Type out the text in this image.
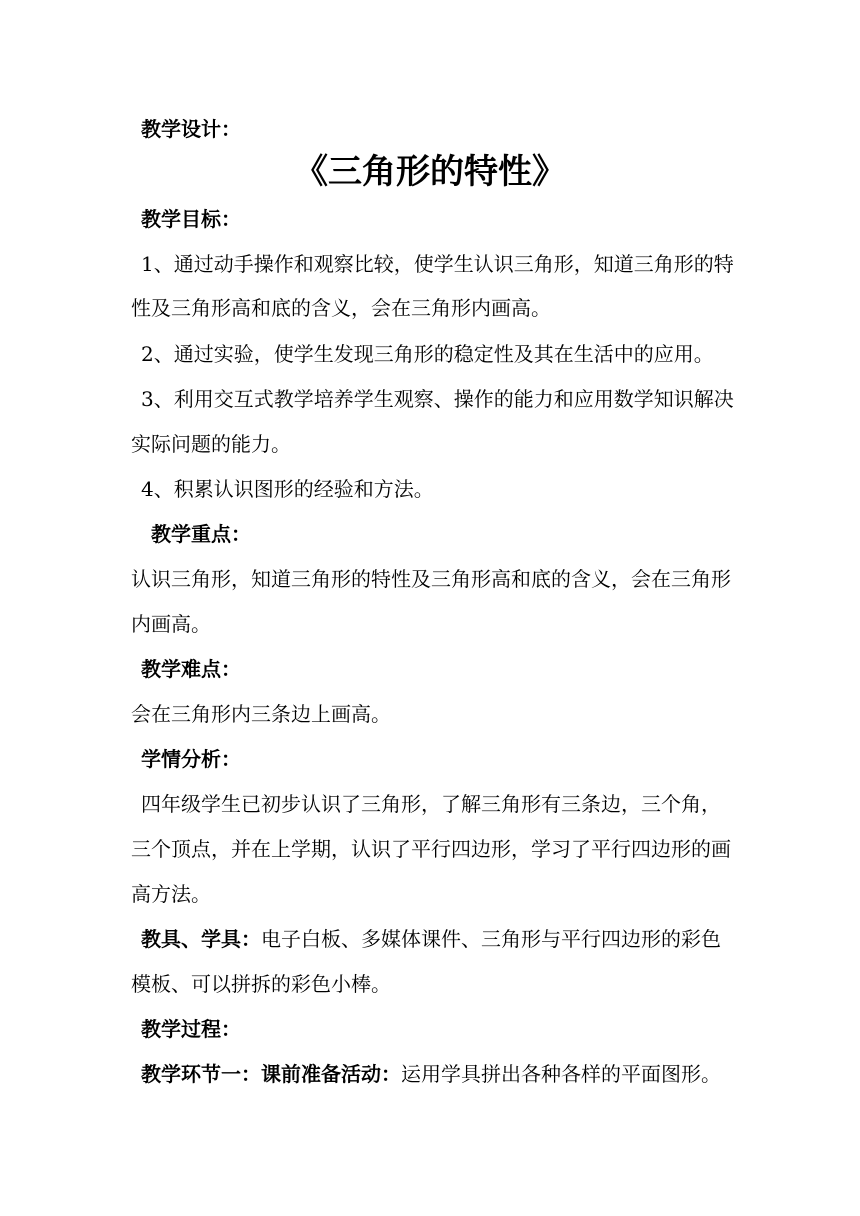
教学设计：
《三角形的特性》
教学目标：
1、通过动手操作和观察比较，使学生认识三角形，知道三角形的特
性及三角形高和底的含义，会在三角形内画高。
2、通过实验，使学生发现三角形的稳定性及其在生活中的应用。
3、利用交互式教学培养学生观察、操作的能力和应用数学知识解决
实际问题的能力。
4、积累认识图形的经验和方法。
教学重点：
认识三角形，知道三角形的特性及三角形高和底的含义，会在三角形
内画高。
教学难点：
会在三角形内三条边上画高。
学情分析：
四年级学生已初步认识了三角形，了解三角形有三条边，三个角，
三个顶点，并在上学期，认识了平行四边形，学习了平行四边形的画
高方法。
教具、学具：电子白板、多媒体课件、三角形与平行四边形的彩色
模板、可以拼拆的彩色小棒。
教学过程：
教学环节一：课前准备活动：运用学具拼出各种各样的平面图形。
